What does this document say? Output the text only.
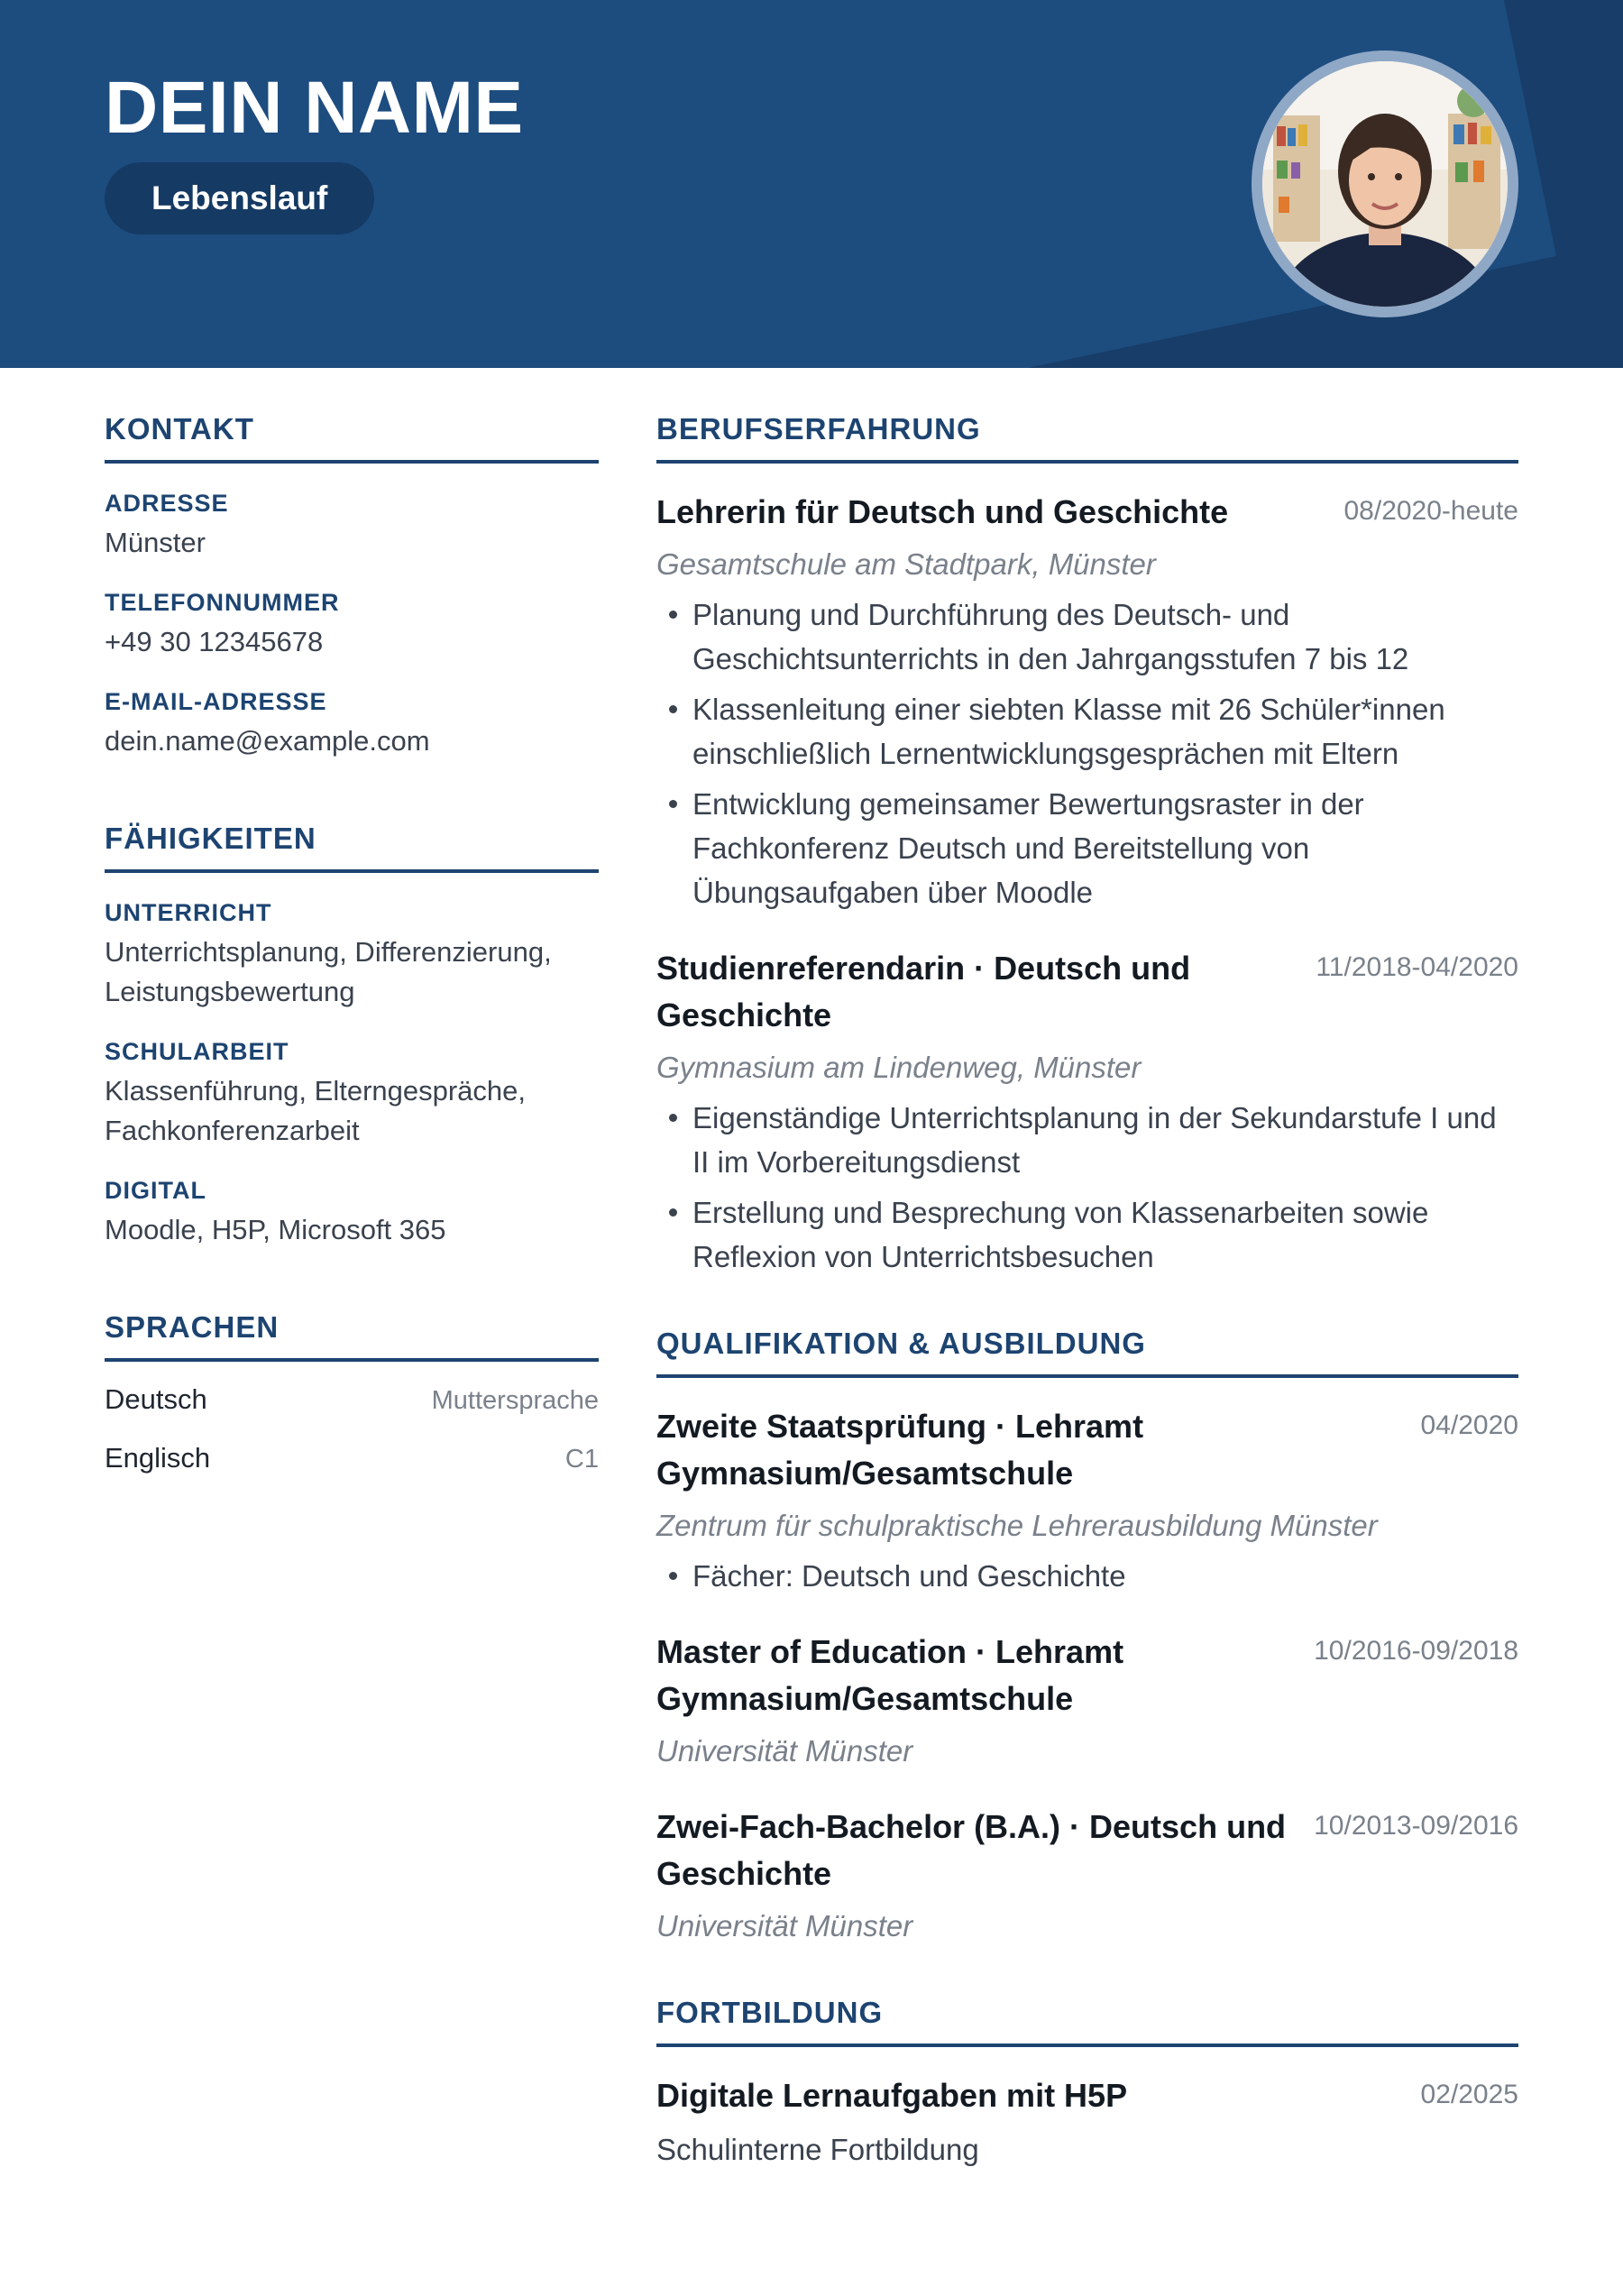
DEIN NAME
Lebenslauf
KONTAKT
ADRESSE
Münster
TELEFONNUMMER
+49 30 12345678
E-MAIL-ADRESSE
dein.name@example.com
FÄHIGKEITEN
UNTERRICHT
Unterrichtsplanung, Differenzierung, Leistungsbewertung
SCHULARBEIT
Klassenführung, Elterngespräche, Fachkonferenzarbeit
DIGITAL
Moodle, H5P, Microsoft 365
SPRACHEN
Deutsch	Muttersprache
Englisch	C1
BERUFSERFAHRUNG
Lehrerin für Deutsch und Geschichte	08/2020-heute
Gesamtschule am Stadtpark, Münster
Planung und Durchführung des Deutsch- und Geschichtsunterrichts in den Jahrgangsstufen 7 bis 12
Klassenleitung einer siebten Klasse mit 26 Schüler*innen einschließlich Lernentwicklungsgesprächen mit Eltern
Entwicklung gemeinsamer Bewertungsraster in der Fachkonferenz Deutsch und Bereitstellung von Übungsaufgaben über Moodle
Studienreferendarin · Deutsch und Geschichte
11/2018-04/2020
Gymnasium am Lindenweg, Münster
Eigenständige Unterrichtsplanung in der Sekundarstufe I und II im Vorbereitungsdienst
Erstellung und Besprechung von Klassenarbeiten sowie Reflexion von Unterrichtsbesuchen
QUALIFIKATION & AUSBILDUNG
Zweite Staatsprüfung · Lehramt Gymnasium/Gesamtschule
04/2020
Zentrum für schulpraktische Lehrerausbildung Münster
Fächer: Deutsch und Geschichte
Master of Education · Lehramt Gymnasium/Gesamtschule
10/2016-09/2018
Universität Münster
Zwei-Fach-Bachelor (B.A.) · Deutsch und Geschichte
10/2013-09/2016
Universität Münster
FORTBILDUNG
Digitale Lernaufgaben mit H5P	02/2025
Schulinterne Fortbildung
